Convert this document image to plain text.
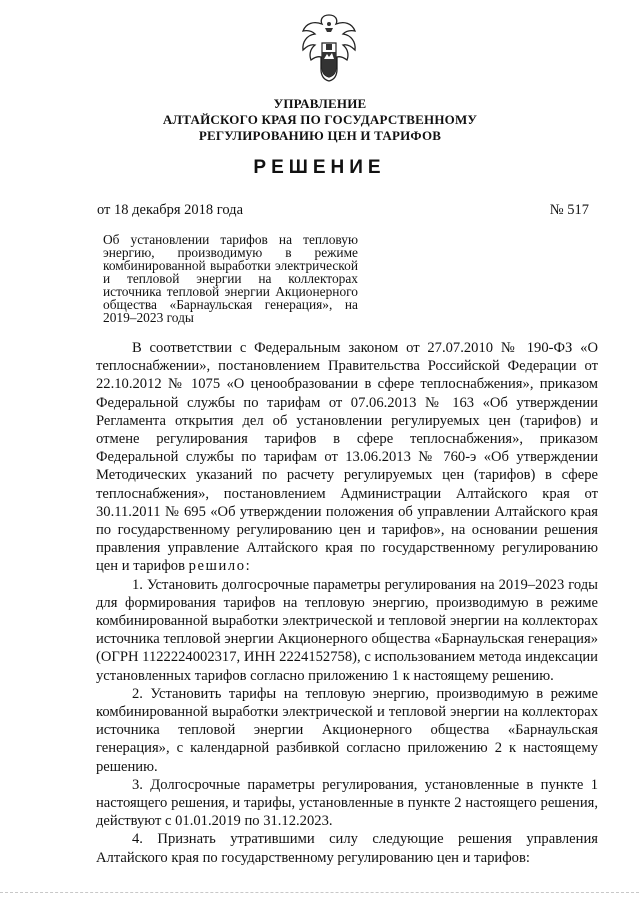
УПРАВЛЕНИЕ
АЛТАЙСКОГО КРАЯ ПО ГОСУДАРСТВЕННОМУ
РЕГУЛИРОВАНИЮ ЦЕН И ТАРИФОВ
РЕШЕНИЕ
от 18 декабря 2018 года	№ 517
Об установлении тарифов на тепловую энергию, производимую в режиме комбинированной выработки электрической и тепловой энергии на коллекторах источника тепловой энергии Акционерного общества «Барнаульская генерация», на 2019–2023 годы

В соответствии с Федеральным законом от 27.07.2010 № 190-ФЗ «О теплоснабжении», постановлением Правительства Российской Федерации от 22.10.2012 № 1075 «О ценообразовании в сфере теплоснабжения», приказом Федеральной службы по тарифам от 07.06.2013 № 163 «Об утверждении Регламента открытия дел об установлении регулируемых цен (тарифов) и отмене регулирования тарифов в сфере теплоснабжения», приказом Федеральной службы по тарифам от 13.06.2013 № 760-э «Об утверждении Методических указаний по расчету регулируемых цен (тарифов) в сфере теплоснабжения», постановлением Администрации Алтайского края от 30.11.2011 № 695 «Об утверждении положения об управлении Алтайского края по государственному регулированию цен и тарифов», на основании решения правления управление Алтайского края по государственному регулированию цен и тарифов решило:

1. Установить долгосрочные параметры регулирования на 2019–2023 годы для формирования тарифов на тепловую энергию, производимую в режиме комбинированной выработки электрической и тепловой энергии на коллекторах источника тепловой энергии Акционерного общества «Барнаульская генерация» (ОГРН 1122224002317, ИНН 2224152758), с использованием метода индексации установленных тарифов согласно приложению 1 к настоящему решению.

2. Установить тарифы на тепловую энергию, производимую в режиме комбинированной выработки электрической и тепловой энергии на коллекторах источника тепловой энергии Акционерного общества «Барнаульская генерация», с календарной разбивкой согласно приложению 2 к настоящему решению.

3. Долгосрочные параметры регулирования, установленные в пункте 1 настоящего решения, и тарифы, установленные в пункте 2 настоящего решения, действуют с 01.01.2019 по 31.12.2023.

4. Признать утратившими силу следующие решения управления Алтайского края по государственному регулированию цен и тарифов:
